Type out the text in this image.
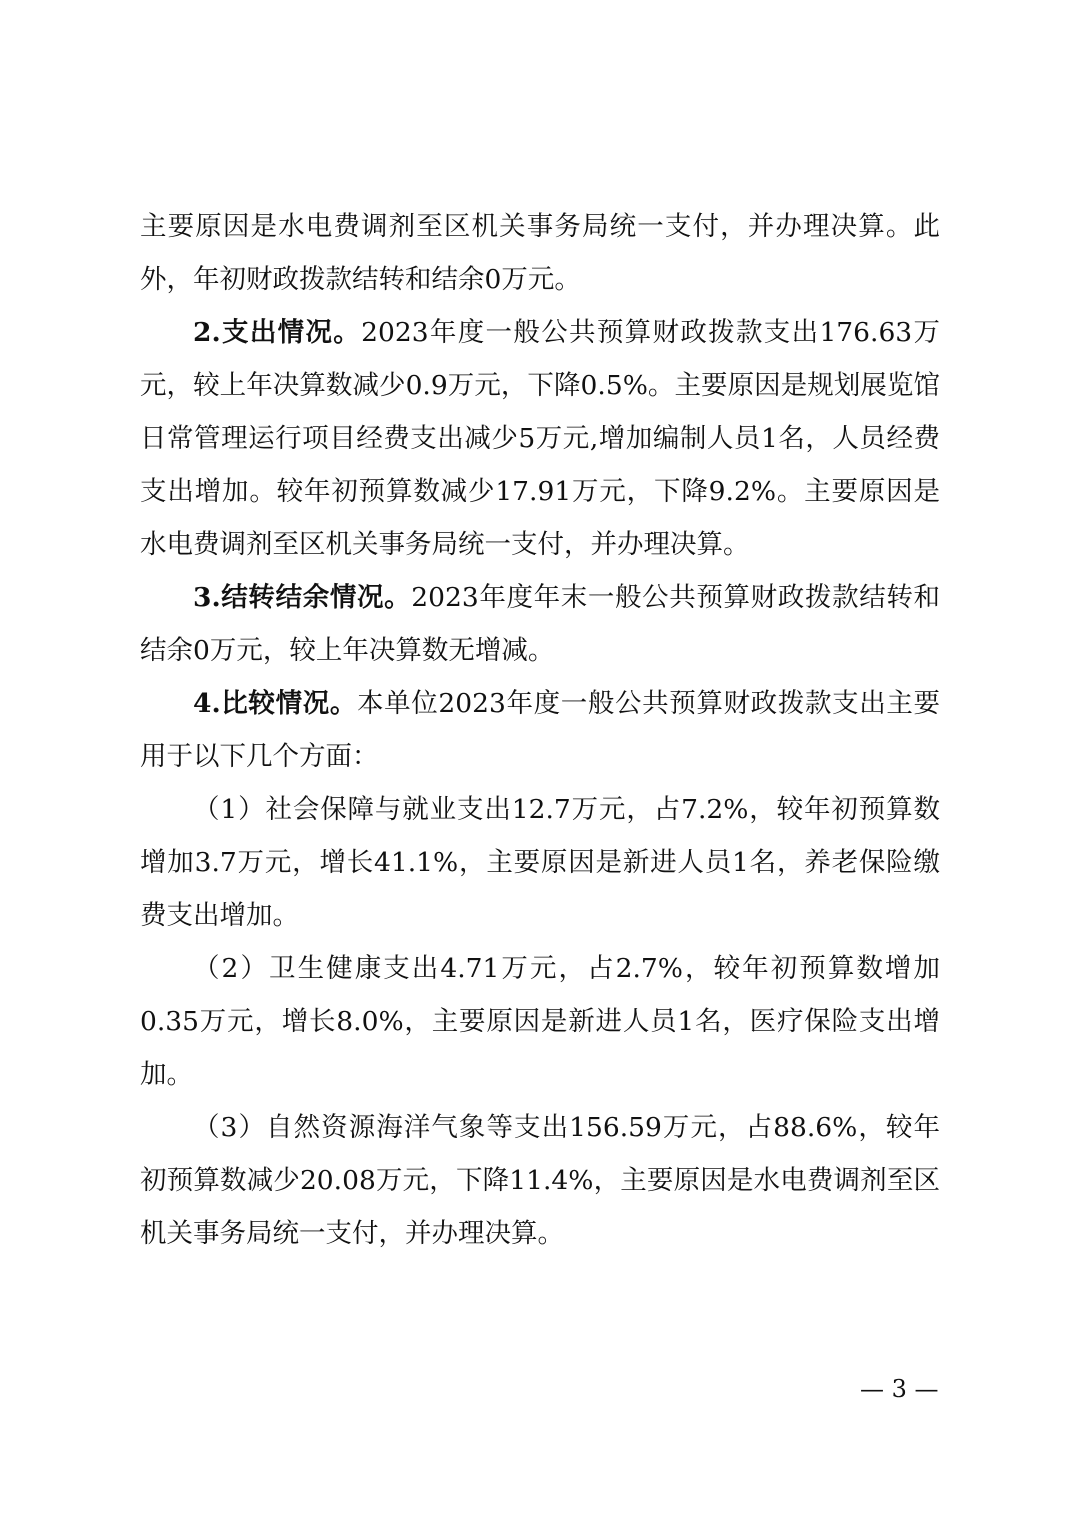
主要原因是水电费调剂至区机关事务局统一支付，并办理决算。此外，年初财政拨款结转和结余0万元。

2.支出情况。2023年度一般公共预算财政拨款支出176.63万元，较上年决算数减少0.9万元，下降0.5%。主要原因是规划展览馆日常管理运行项目经费支出减少5万元,增加编制人员1名，人员经费支出增加。较年初预算数减少17.91万元，下降9.2%。主要原因是水电费调剂至区机关事务局统一支付，并办理决算。

3.结转结余情况。2023年度年末一般公共预算财政拨款结转和结余0万元，较上年决算数无增减。

4.比较情况。本单位2023年度一般公共预算财政拨款支出主要用于以下几个方面：

（1）社会保障与就业支出12.7万元，占7.2%，较年初预算数增加3.7万元，增长41.1%，主要原因是新进人员1名，养老保险缴费支出增加。

（2）卫生健康支出4.71万元，占2.7%，较年初预算数增加0.35万元，增长8.0%，主要原因是新进人员1名，医疗保险支出增加。

（3）自然资源海洋气象等支出156.59万元，占88.6%，较年初预算数减少20.08万元，下降11.4%，主要原因是水电费调剂至区机关事务局统一支付，并办理决算。

— 3 —
